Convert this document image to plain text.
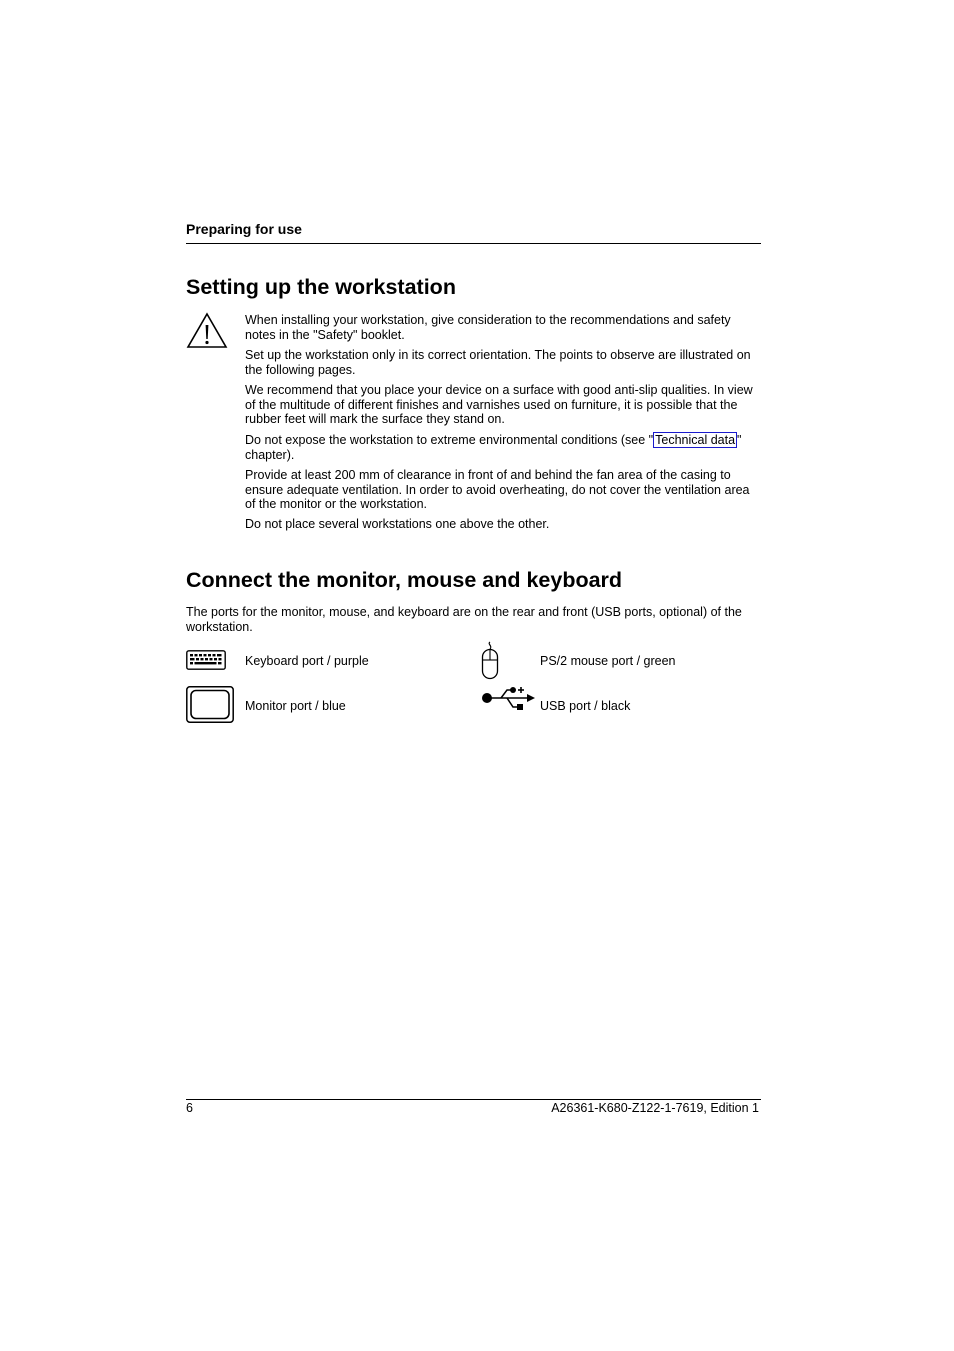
Preparing for use
Setting up the workstation

When installing your workstation, give consideration to the recommendations and safety notes in the "Safety" booklet.

Set up the workstation only in its correct orientation. The points to observe are illustrated on the following pages.

We recommend that you place your device on a surface with good anti-slip qualities. In view of the multitude of different finishes and varnishes used on furniture, it is possible that the rubber feet will mark the surface they stand on.

Do not expose the workstation to extreme environmental conditions (see " Technical data " chapter).

Provide at least 200 mm of clearance in front of and behind the fan area of the casing to ensure adequate ventilation. In order to avoid overheating, do not cover the ventilation area of the monitor or the workstation.

Do not place several workstations one above the other.

Connect the monitor, mouse and keyboard

The ports for the monitor, mouse, and keyboard are on the rear and front (USB ports, optional) of the workstation.

Keyboard port / purple	PS/2 mouse port / green
Monitor port / blue	USB port / black
6	A26361-K680-Z122-1-7619, Edition 1
